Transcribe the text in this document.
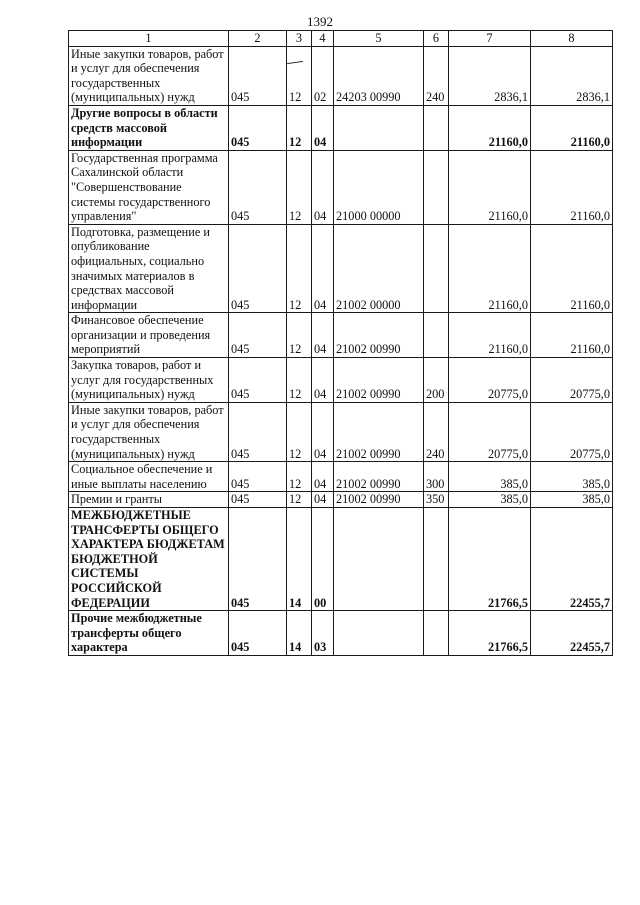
1392
1	2	3	4	5	6	7	8
Иные закупки товаров, работ и услуг для обеспечения государственных (муниципальных) нужд	045	12	02	24203 00990	240	2836,1	2836,1
Другие вопросы в области средств массовой информации	045	12	04			21160,0	21160,0
Государственная программа Сахалинской области "Совершенствование системы государственного управления"	045	12	04	21000 00000		21160,0	21160,0
Подготовка, размещение и опубликование официальных, социально значимых материалов в средствах массовой информации	045	12	04	21002 00000		21160,0	21160,0
Финансовое обеспечение организации и проведения мероприятий	045	12	04	21002 00990		21160,0	21160,0
Закупка товаров, работ и услуг для государственных (муниципальных) нужд	045	12	04	21002 00990	200	20775,0	20775,0
Иные закупки товаров, работ и услуг для обеспечения государственных (муниципальных) нужд	045	12	04	21002 00990	240	20775,0	20775,0
Социальное обеспечение и иные выплаты населению	045	12	04	21002 00990	300	385,0	385,0
Премии и гранты	045	12	04	21002 00990	350	385,0	385,0
МЕЖБЮДЖЕТНЫЕ ТРАНСФЕРТЫ ОБЩЕГО ХАРАКТЕРА БЮДЖЕТАМ БЮДЖЕТНОЙ СИСТЕМЫ РОССИЙСКОЙ ФЕДЕРАЦИИ	045	14	00			21766,5	22455,7
Прочие межбюджетные трансферты общего характера	045	14	03			21766,5	22455,7
